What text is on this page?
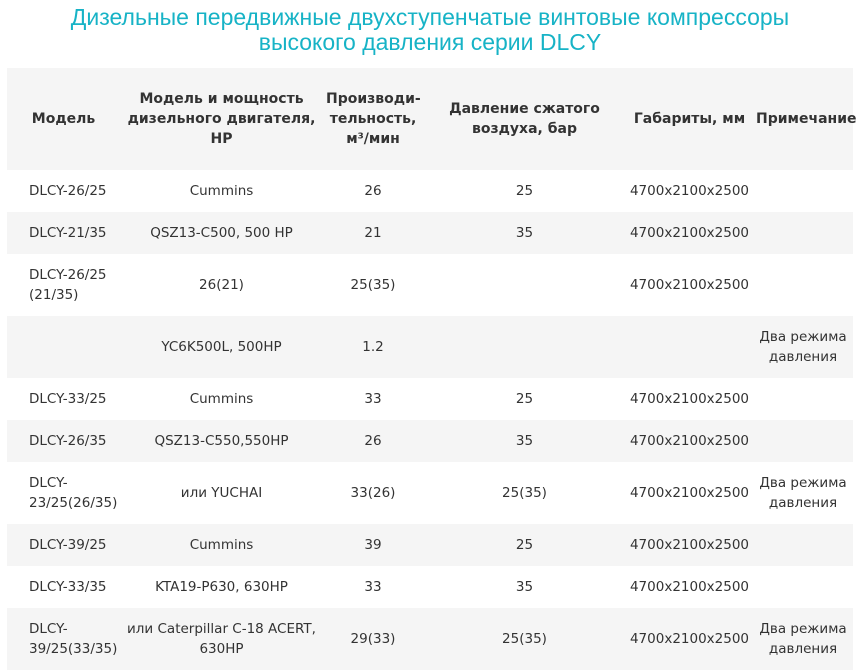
Дизельные передвижные двухступенчатые винтовые компрессоры
высокого давления серии DLCY
Модель	Модель и мощность дизельного двигателя, HP	Производи-тельность, м³/мин	Давление сжатого воздуха, бар	Габариты, мм	Примечание
DLCY-26/25	Cummins	26	25	4700x2100x2500	
DLCY-21/35	QSZ13-C500, 500 HP	21	35	4700x2100x2500	
DLCY-26/25 (21/35)	26(21)	25(35)		4700x2100x2500	
	YC6K500L, 500HP	1.2			Два режима давления
DLCY-33/25	Cummins	33	25	4700x2100x2500	
DLCY-26/35	QSZ13-C550,550HP	26	35	4700x2100x2500	
DLCY-23/25(26/35)	или YUCHAI	33(26)	25(35)	4700x2100x2500	Два режима давления
DLCY-39/25	Cummins	39	25	4700x2100x2500	
DLCY-33/35	KTA19-P630, 630HP	33	35	4700x2100x2500	
DLCY-39/25(33/35)	или Caterpillar C-18 ACERT, 630HP	29(33)	25(35)	4700x2100x2500	Два режима давления
